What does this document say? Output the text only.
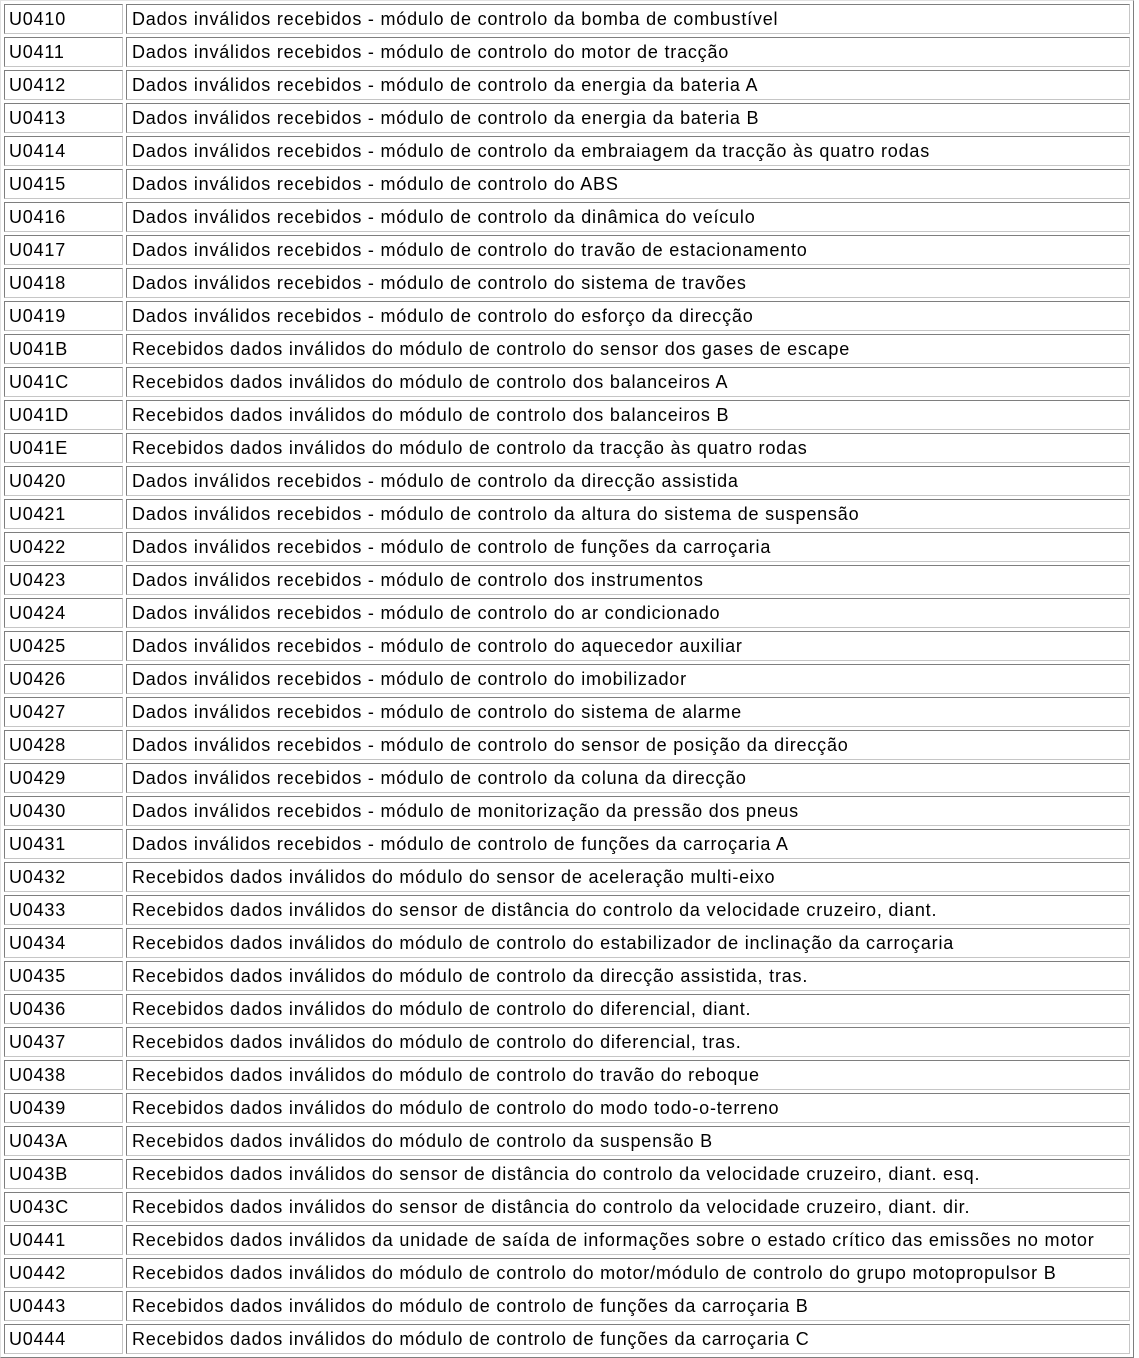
U0410	Dados inválidos recebidos - módulo de controlo da bomba de combustível
U0411	Dados inválidos recebidos - módulo de controlo do motor de tracção
U0412	Dados inválidos recebidos - módulo de controlo da energia da bateria A
U0413	Dados inválidos recebidos - módulo de controlo da energia da bateria B
U0414	Dados inválidos recebidos - módulo de controlo da embraiagem da tracção às quatro rodas
U0415	Dados inválidos recebidos - módulo de controlo do ABS
U0416	Dados inválidos recebidos - módulo de controlo da dinâmica do veículo
U0417	Dados inválidos recebidos - módulo de controlo do travão de estacionamento
U0418	Dados inválidos recebidos - módulo de controlo do sistema de travões
U0419	Dados inválidos recebidos - módulo de controlo do esforço da direcção
U041B	Recebidos dados inválidos do módulo de controlo do sensor dos gases de escape
U041C	Recebidos dados inválidos do módulo de controlo dos balanceiros A
U041D	Recebidos dados inválidos do módulo de controlo dos balanceiros B
U041E	Recebidos dados inválidos do módulo de controlo da tracção às quatro rodas
U0420	Dados inválidos recebidos - módulo de controlo da direcção assistida
U0421	Dados inválidos recebidos - módulo de controlo da altura do sistema de suspensão
U0422	Dados inválidos recebidos - módulo de controlo de funções da carroçaria
U0423	Dados inválidos recebidos - módulo de controlo dos instrumentos
U0424	Dados inválidos recebidos - módulo de controlo do ar condicionado
U0425	Dados inválidos recebidos - módulo de controlo do aquecedor auxiliar
U0426	Dados inválidos recebidos - módulo de controlo do imobilizador
U0427	Dados inválidos recebidos - módulo de controlo do sistema de alarme
U0428	Dados inválidos recebidos - módulo de controlo do sensor de posição da direcção
U0429	Dados inválidos recebidos - módulo de controlo da coluna da direcção
U0430	Dados inválidos recebidos - módulo de monitorização da pressão dos pneus
U0431	Dados inválidos recebidos - módulo de controlo de funções da carroçaria A
U0432	Recebidos dados inválidos do módulo do sensor de aceleração multi-eixo
U0433	Recebidos dados inválidos do sensor de distância do controlo da velocidade cruzeiro, diant.
U0434	Recebidos dados inválidos do módulo de controlo do estabilizador de inclinação da carroçaria
U0435	Recebidos dados inválidos do módulo de controlo da direcção assistida, tras.
U0436	Recebidos dados inválidos do módulo de controlo do diferencial, diant.
U0437	Recebidos dados inválidos do módulo de controlo do diferencial, tras.
U0438	Recebidos dados inválidos do módulo de controlo do travão do reboque
U0439	Recebidos dados inválidos do módulo de controlo do modo todo-o-terreno
U043A	Recebidos dados inválidos do módulo de controlo da suspensão B
U043B	Recebidos dados inválidos do sensor de distância do controlo da velocidade cruzeiro, diant. esq.
U043C	Recebidos dados inválidos do sensor de distância do controlo da velocidade cruzeiro, diant. dir.
U0441	Recebidos dados inválidos da unidade de saída de informações sobre o estado crítico das emissões no motor
U0442	Recebidos dados inválidos do módulo de controlo do motor/módulo de controlo do grupo motopropulsor B
U0443	Recebidos dados inválidos do módulo de controlo de funções da carroçaria B
U0444	Recebidos dados inválidos do módulo de controlo de funções da carroçaria C
